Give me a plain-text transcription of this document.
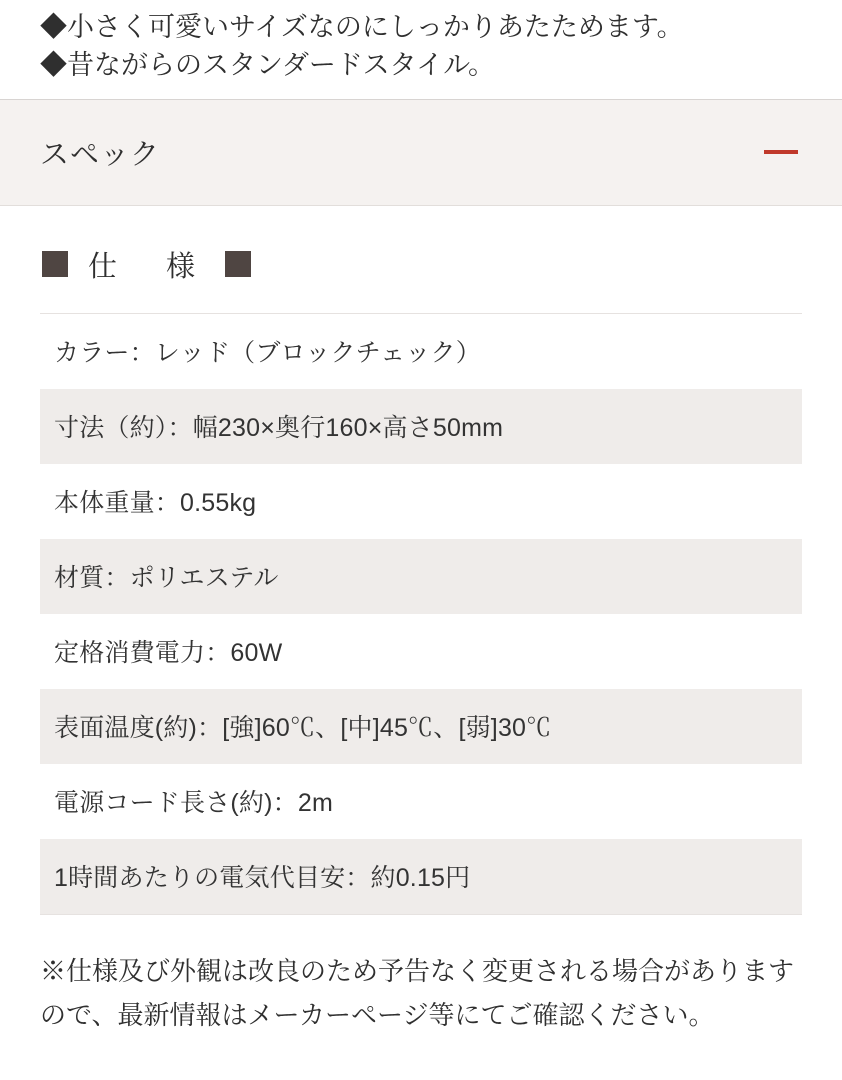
◆小さく可愛いサイズなのにしっかりあたためます。
◆昔ながらのスタンダードスタイル。
スペック
仕　様
カラー：レッド（ブロックチェック）
寸法（約）：幅230×奥行160×高さ50mm
本体重量：0.55kg
材質：ポリエステル
定格消費電力：60W
表面温度(約)：[強]60℃、[中]45℃、[弱]30℃
電源コード長さ(約)：2m
1時間あたりの電気代目安：約0.15円
※仕様及び外観は改良のため予告なく変更される場合がありますので、最新情報はメーカーページ等にてご確認ください。
